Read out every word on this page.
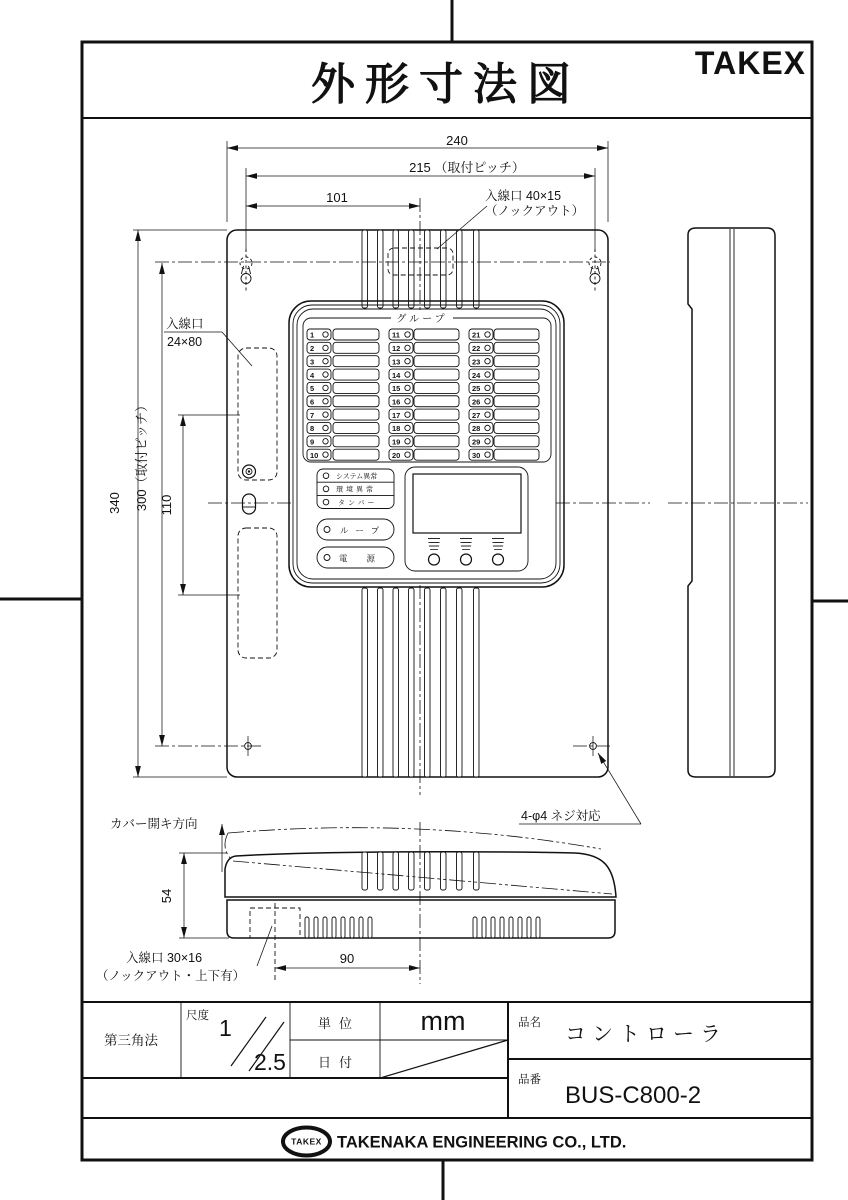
外形寸法図	TAKEX
グループ
1
2
3
4
5
6
7
8
9
10
11
12
13
14
15
16
17
18
19
20
21
22
23
24
25
26
27
28
29
30
システム異常
環境異常
タンパー
ループ
電源
240
215 （取付ピッチ）
101
340 300（取付ピッチ） 110
54
90
入線口 40×15
（ノックアウト）
入線口
24×80
入線口 30×16
（ノックアウト・上下有）
4-φ4 ネジ対応
カバー開キ方向
第三角法
尺度 1
2.5
単位 mm
日付
品名 コントローラ
品番
BUS-C800-2
TAKEX TAKENAKA ENGINEERING CO., LTD.
